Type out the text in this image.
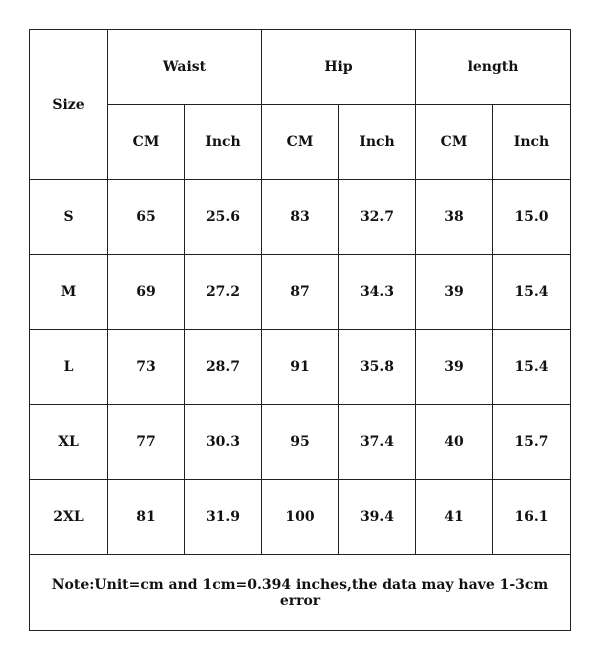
Size	Waist		Hip		length	
	CM	Inch	CM	Inch	CM	Inch
S	65	25.6	83	32.7	38	15.0
M	69	27.2	87	34.3	39	15.4
L	73	28.7	91	35.8	39	15.4
XL	77	30.3	95	37.4	40	15.7
2XL	81	31.9	100	39.4	41	16.1
Note:Unit=cm and 1cm=0.394 inches,the data may have 1-3cm error						
